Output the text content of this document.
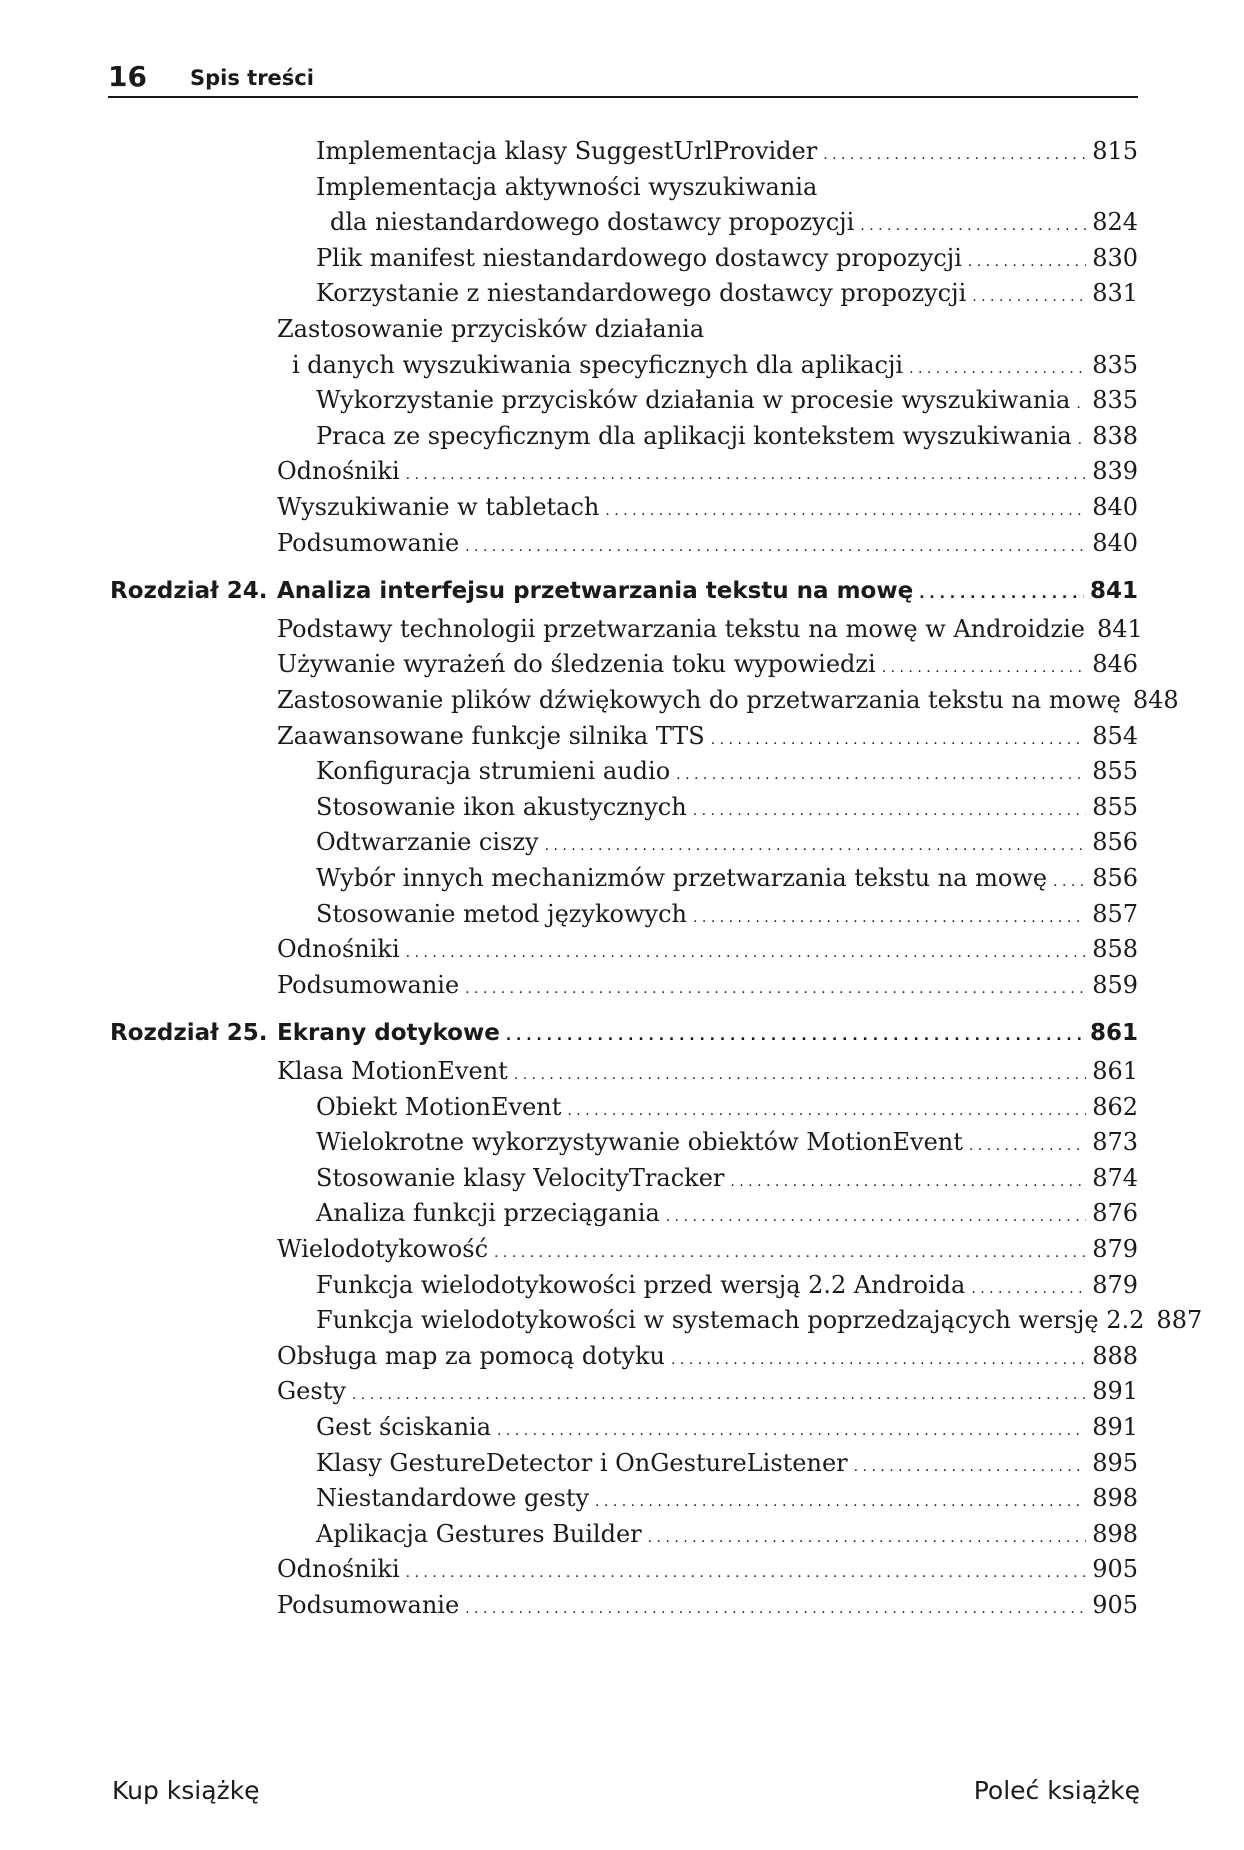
16 Spis treści
Implementacja klasy SuggestUrlProvider . . .	815
Implementacja aktywności wyszukiwania
dla niestandardowego dostawcy propozycji . . .	824
Plik manifest niestandardowego dostawcy propozycji . . .	830
Korzystanie z niestandardowego dostawcy propozycji . . .	831
Zastosowanie przycisków działania
i danych wyszukiwania specyficznych dla aplikacji . . .	835
Wykorzystanie przycisków działania w procesie wyszukiwania . . . 835
Praca ze specyficznym dla aplikacji kontekstem wyszukiwania . . . 838
Odnośniki . . .	839
Wyszukiwanie w tabletach . . .	840
Podsumowanie . . .	840
Rozdział 24. Analiza interfejsu przetwarzania tekstu na mowę . . .	841
Podstawy technologii przetwarzania tekstu na mowę w Androidzie 841
Używanie wyrażeń do śledzenia toku wypowiedzi . . .	846
Zastosowanie plików dźwiękowych do przetwarzania tekstu na mowę 848
Zaawansowane funkcje silnika TTS . . .	854
Konfiguracja strumieni audio . . .	855
Stosowanie ikon akustycznych . . .	855
Odtwarzanie ciszy . . .	856
Wybór innych mechanizmów przetwarzania tekstu na mowę . . . 856
Stosowanie metod językowych . . .	857
Odnośniki . . .	858
Podsumowanie . . .	859
Rozdział 25. Ekrany dotykowe . . .	861
Klasa MotionEvent . . .	861
Obiekt MotionEvent . . .	862
Wielokrotne wykorzystywanie obiektów MotionEvent . . .	873
Stosowanie klasy VelocityTracker . . .	874
Analiza funkcji przeciągania . . .	876
Wielodotykowość . . .	879
Funkcja wielodotykowości przed wersją 2.2 Androida . . .	879
Funkcja wielodotykowości w systemach poprzedzających wersję 2.2 887
Obsługa map za pomocą dotyku . . .	888
Gesty . . .	891
Gest ściskania . . .	891
Klasy GestureDetector i OnGestureListener . . .	895
Niestandardowe gesty . . .	898
Aplikacja Gestures Builder . . .	898
Odnośniki . . .	905
Podsumowanie . . .	905
Kup książkę	Poleć książkę
